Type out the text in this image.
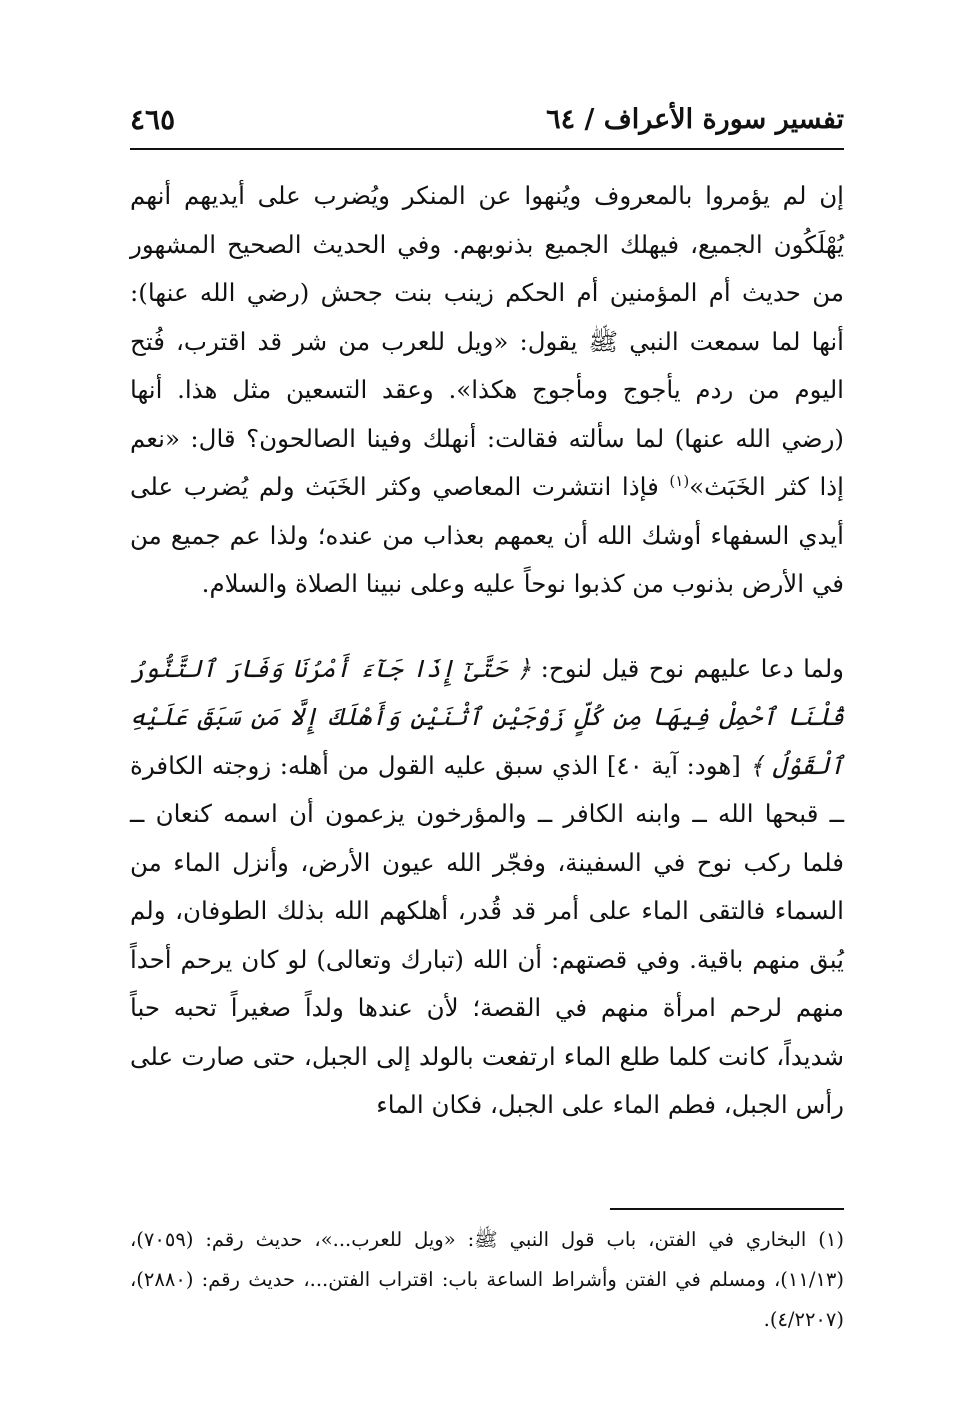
تفسير سورة الأعراف / ٦٤
٤٦٥

إن لم يؤمروا بالمعروف ويُنهوا عن المنكر ويُضرب على أيديهم أنهم يُهْلَكُون الجميع، فيهلك الجميع بذنوبهم. وفي الحديث الصحيح المشهور من حديث أم المؤمنين أم الحكم زينب بنت جحش (رضي الله عنها): أنها لما سمعت النبي ﷺ يقول: «ويل للعرب من شر قد اقترب، فُتح اليوم من ردم يأجوج ومأجوج هكذا». وعقد التسعين مثل هذا. أنها (رضي الله عنها) لما سألته فقالت: أنهلك وفينا الصالحون؟ قال: «نعم إذا كثر الخَبَث»$^{(١)}$ فإذا انتشرت المعاصي وكثر الخَبَث ولم يُضرب على أيدي السفهاء أوشك الله أن يعمهم بعذاب من عنده؛ ولذا عم جميع من في الأرض بذنوب من كذبوا نوحاً عليه وعلى نبينا الصلاة والسلام.

ولما دعا عليهم نوح قيل لنوح: ﴿ حَتَّىٰٓ إِذَا جَآءَ أَمْرُنَا وَفَارَ ٱلتَّنُّورُ قُلْنَا ٱحْمِلْ فِيهَا مِن كُلٍّ زَوْجَيْنِ ٱثْنَيْنِ وَأَهْلَكَ إِلَّا مَن سَبَقَ عَلَيْهِ ٱلْقَوْلُ ﴾ [هود: آية ٤٠] الذي سبق عليه القول من أهله: زوجته الكافرة ــ قبحها الله ــ وابنه الكافر ــ والمؤرخون يزعمون أن اسمه كنعان ــ فلما ركب نوح في السفينة، وفجّر الله عيون الأرض، وأنزل الماء من السماء فالتقى الماء على أمر قد قُدر، أهلكهم الله بذلك الطوفان، ولم يُبق منهم باقية. وفي قصتهم: أن الله (تبارك وتعالى) لو كان يرحم أحداً منهم لرحم امرأة منهم في القصة؛ لأن عندها ولداً صغيراً تحبه حباً شديداً، كانت كلما طلع الماء ارتفعت بالولد إلى الجبل، حتى صارت على رأس الجبل، فطم الماء على الجبل، فكان الماء

(١) البخاري في الفتن، باب قول النبي ﷺ: «ويل للعرب...»، حديث رقم: (٧٠٥٩)، (١١/١٣)، ومسلم في الفتن وأشراط الساعة باب: اقتراب الفتن...، حديث رقم: (٢٨٨٠)، (٤/٢٢٠٧).
